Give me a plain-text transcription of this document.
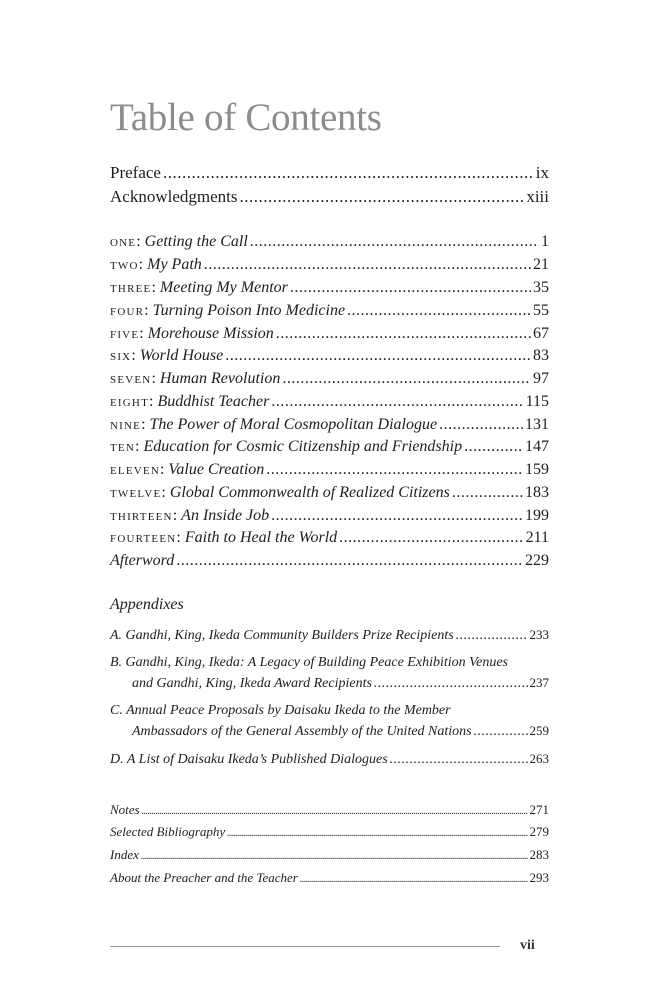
Table of Contents
Preface .....	ix
Acknowledgments .....	xiii
one : Getting the Call .....	1
two : My Path .....	21
three : Meeting My Mentor .....	35
four : Turning Poison Into Medicine .....	55
five : Morehouse Mission .....	67
six : World House .....	83
seven : Human Revolution .....	97
eight : Buddhist Teacher .....	115
nine : The Power of Moral Cosmopolitan Dialogue .....	131
ten : Education for Cosmic Citizenship and Friendship .....	147
eleven : Value Creation .....	159
twelve : Global Commonwealth of Realized Citizens .....	183
thirteen : An Inside Job .....	199
fourteen : Faith to Heal the World .....	211
Afterword .....	229
Appendixes
A. Gandhi, King, Ikeda Community Builders Prize Recipients .....	233
B. Gandhi, King, Ikeda: A Legacy of Building Peace Exhibition Venues
and Gandhi, King, Ikeda Award Recipients .....	237
C. Annual Peace Proposals by Daisaku Ikeda to the Member
Ambassadors of the General Assembly of the United Nations .....	259
D. A List of Daisaku Ikeda’s Published Dialogues .....	263
Notes .....	271
Selected Bibliography .....	279
Index .....	283
About the Preacher and the Teacher .....	293
vii
